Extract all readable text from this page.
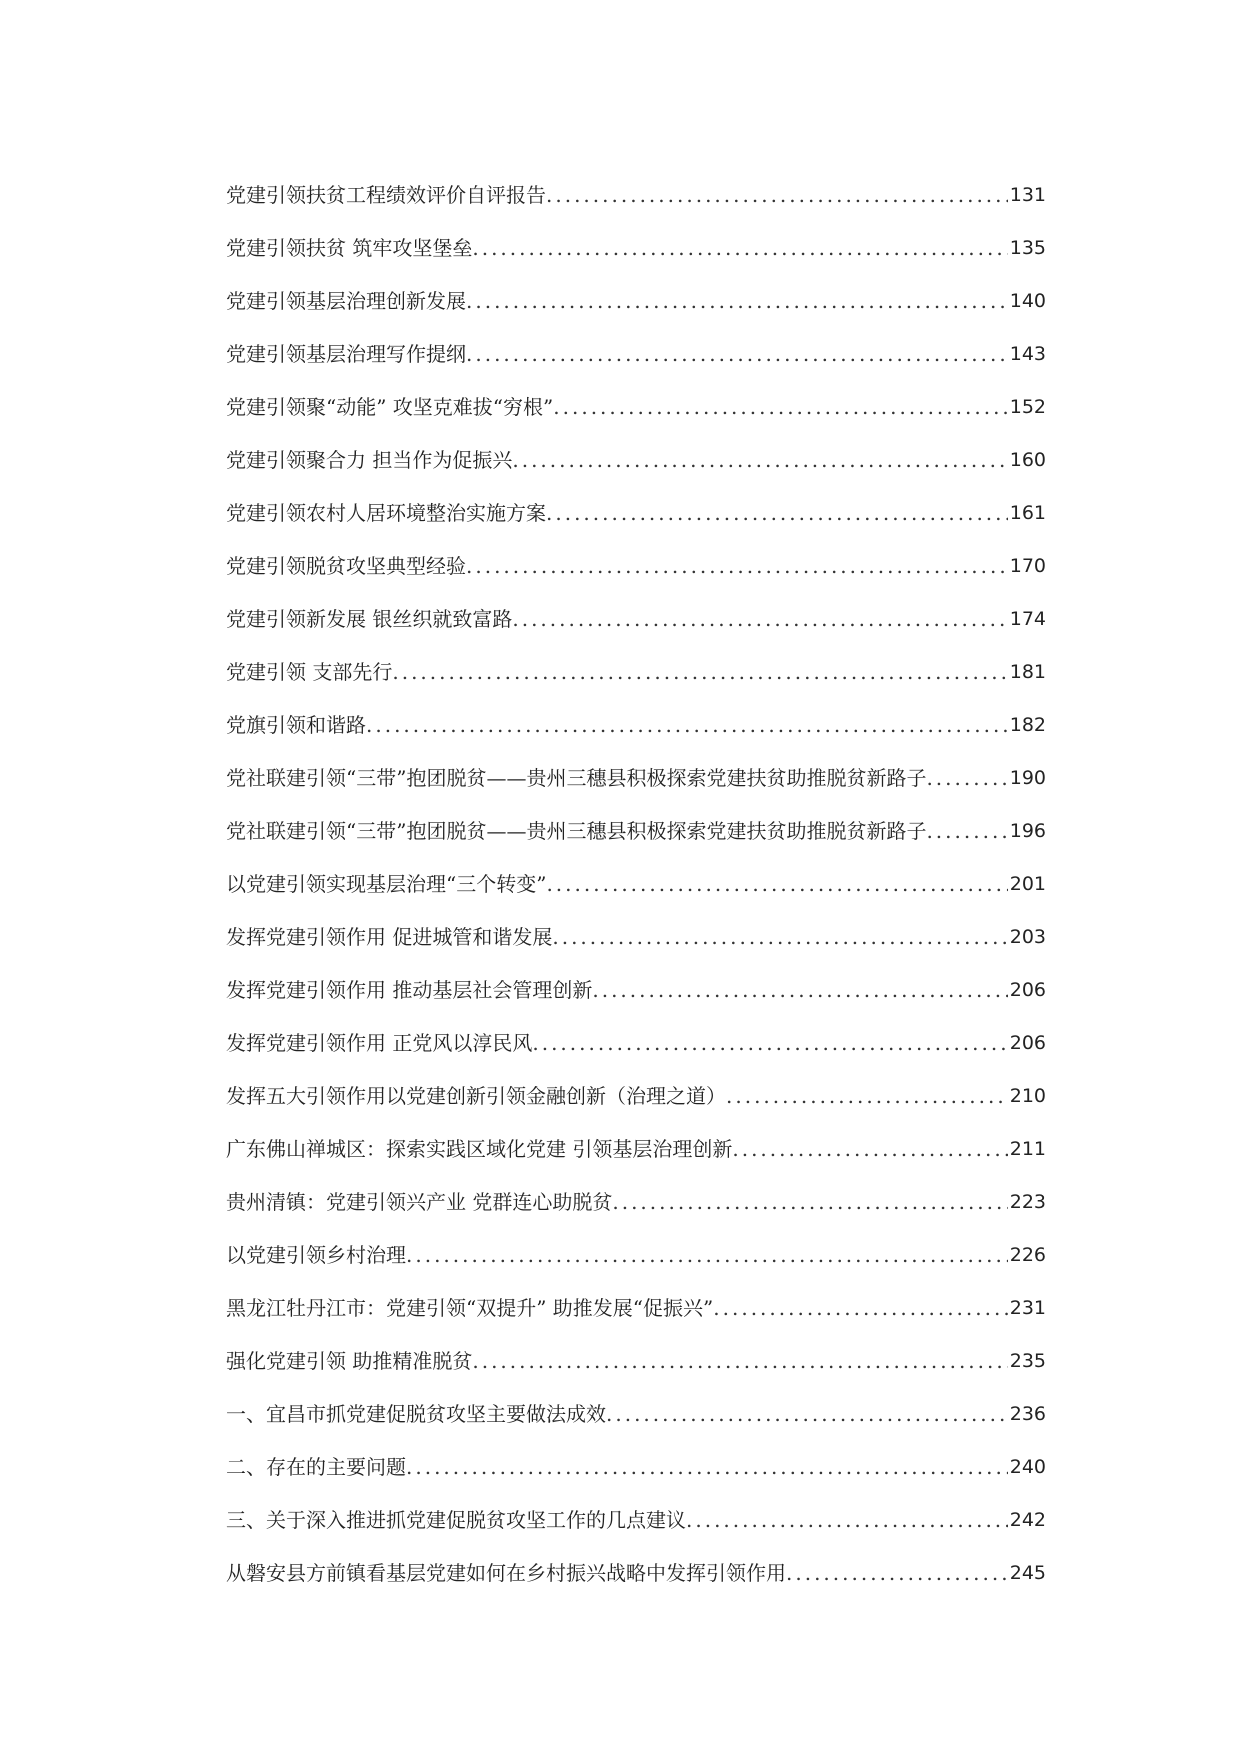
党建引领扶贫工程绩效评价自评报告 .....	131
党建引领扶贫 筑牢攻坚堡垒 .....	135
党建引领基层治理创新发展 .....	140
党建引领基层治理写作提纲 .....	143
党建引领聚“动能” 攻坚克难拔“穷根” .....	152
党建引领聚合力 担当作为促振兴 .....	160
党建引领农村人居环境整治实施方案 .....	161
党建引领脱贫攻坚典型经验 .....	170
党建引领新发展 银丝织就致富路 .....	174
党建引领 支部先行 .....	181
党旗引领和谐路 .....	182
党社联建引领“三带”抱团脱贫——贵州三穗县积极探索党建扶贫助推脱贫新路子 .....	190
党社联建引领“三带”抱团脱贫——贵州三穗县积极探索党建扶贫助推脱贫新路子 .....	196
以党建引领实现基层治理“三个转变” .....	201
发挥党建引领作用 促进城管和谐发展 .....	203
发挥党建引领作用 推动基层社会管理创新 .....	206
发挥党建引领作用 正党风以淳民风 .....	206
发挥五大引领作用以党建创新引领金融创新（治理之道） .....	210
广东佛山禅城区：探索实践区域化党建 引领基层治理创新 .....	211
贵州清镇：党建引领兴产业 党群连心助脱贫 .....	223
以党建引领乡村治理 .....	226
黑龙江牡丹江市：党建引领“双提升” 助推发展“促振兴” .....	231
强化党建引领 助推精准脱贫 .....	235
一、宜昌市抓党建促脱贫攻坚主要做法成效 .....	236
二、存在的主要问题 .....	240
三、关于深入推进抓党建促脱贫攻坚工作的几点建议 .....	242
从磐安县方前镇看基层党建如何在乡村振兴战略中发挥引领作用 .....	245
